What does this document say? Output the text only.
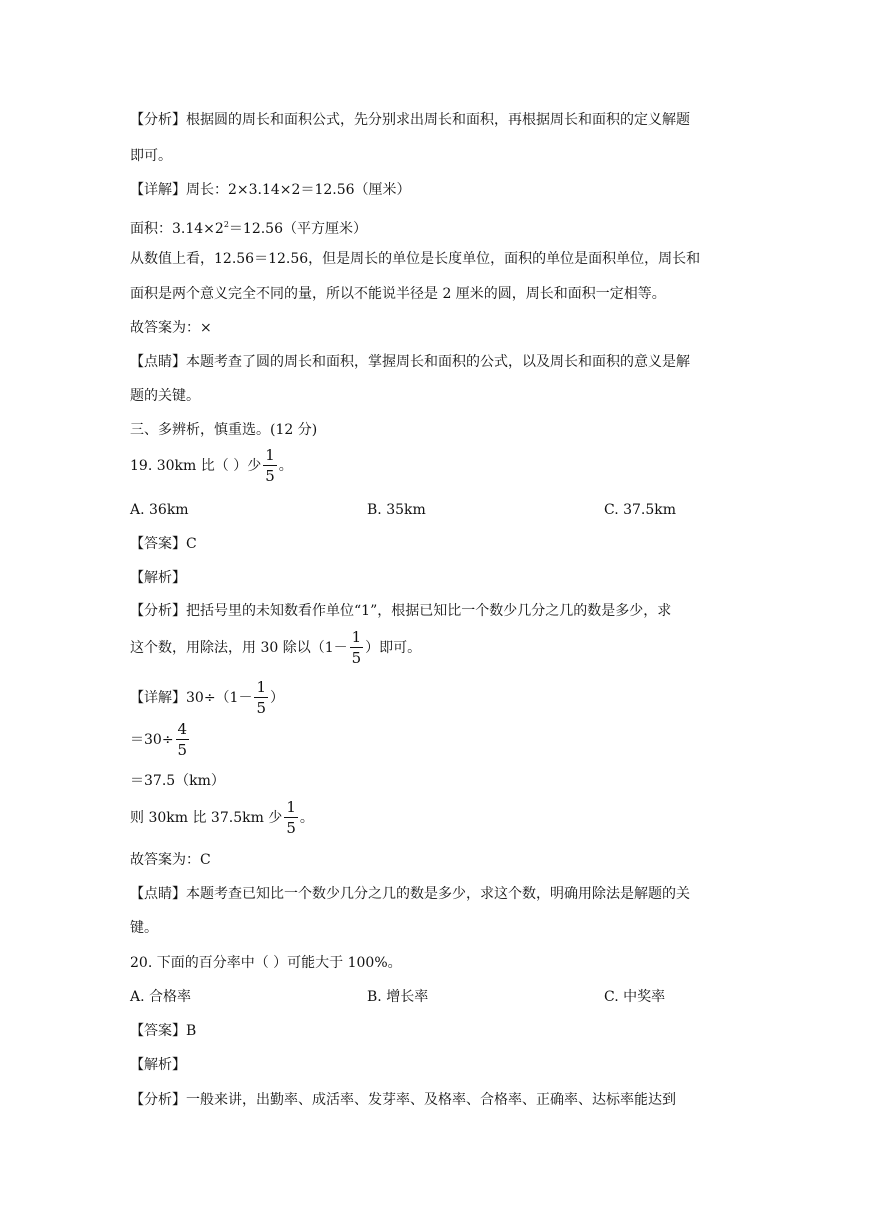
【分析】根据圆的周长和面积公式，先分别求出周长和面积，再根据周长和面积的定义解题
即可。
【详解】周长：2×3.14×2＝12.56（厘米）
面积：$3.14\times 2^2=12.56$（平方厘米）
从数值上看，12.56＝12.56，但是周长的单位是长度单位，面积的单位是面积单位，周长和
面积是两个意义完全不同的量，所以不能说半径是 2 厘米的圆，周长和面积一定相等。
故答案为：×
【点睛】本题考查了圆的周长和面积，掌握周长和面积的公式，以及周长和面积的意义是解
题的关键。
三、多辨析，慎重选。(12 分)
19. 30km 比（ ）少 $\frac{1}{5}$ 。
A. 36km	B. 35km	C. 37.5km
【答案】C
【解析】
【分析】把括号里的未知数看作单位“1”，根据已知比一个数少几分之几的数是多少，求
这个数，用除法，用 30 除以（$1- \frac{1}{5}$ ）即可。
【详解】$30\div(1- \frac{1}{5}$ ）
$=30\div \frac{4}{5}$
＝37.5（km）
则 30km 比 37.5km 少 $\frac{1}{5}$ 。
故答案为：C
【点睛】本题考查已知比一个数少几分之几的数是多少，求这个数，明确用除法是解题的关
键。
20. 下面的百分率中（ ）可能大于 100%。
A. 合格率	B. 增长率	C. 中奖率
【答案】B
【解析】
【分析】一般来讲，出勤率、成活率、发芽率、及格率、合格率、正确率、达标率能达到
